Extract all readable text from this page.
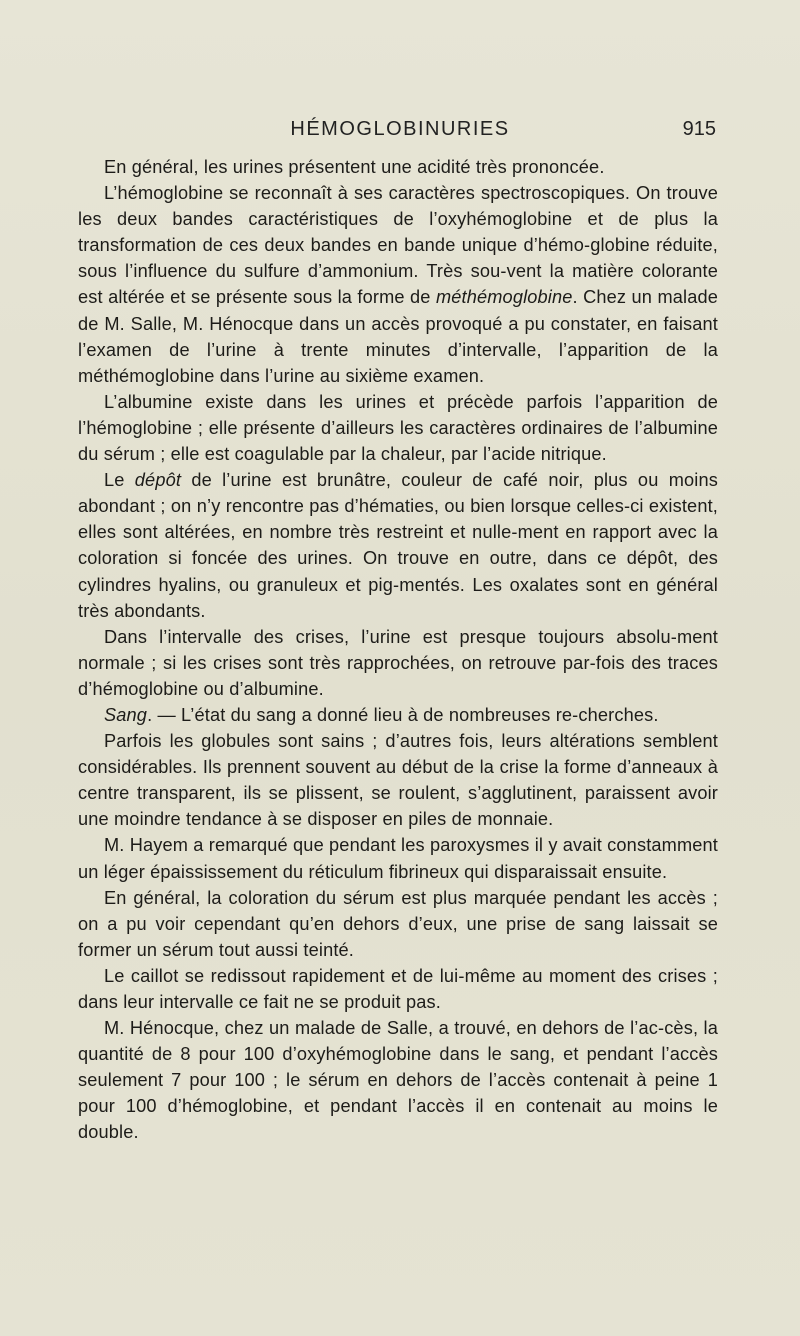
HÉMOGLOBINURIES	915

En général, les urines présentent une acidité très prononcée.

L’hémoglobine se reconnaît à ses caractères spectroscopiques. On trouve les deux bandes caractéristiques de l’oxyhémoglobine et de plus la transformation de ces deux bandes en bande unique d’hémo-globine réduite, sous l’influence du sulfure d’ammonium. Très sou-vent la matière colorante est altérée et se présente sous la forme de méthémoglobine. Chez un malade de M. Salle, M. Hénocque dans un accès provoqué a pu constater, en faisant l’examen de l’urine à trente minutes d’intervalle, l’apparition de la méthémoglobine dans l’urine au sixième examen.

L’albumine existe dans les urines et précède parfois l’apparition de l’hémoglobine ; elle présente d’ailleurs les caractères ordinaires de l’albumine du sérum ; elle est coagulable par la chaleur, par l’acide nitrique.

Le dépôt de l’urine est brunâtre, couleur de café noir, plus ou moins abondant ; on n’y rencontre pas d’hématies, ou bien lorsque celles-ci existent, elles sont altérées, en nombre très restreint et nulle-ment en rapport avec la coloration si foncée des urines. On trouve en outre, dans ce dépôt, des cylindres hyalins, ou granuleux et pig-mentés. Les oxalates sont en général très abondants.

Dans l’intervalle des crises, l’urine est presque toujours absolu-ment normale ; si les crises sont très rapprochées, on retrouve par-fois des traces d’hémoglobine ou d’albumine.

Sang. — L’état du sang a donné lieu à de nombreuses re-cherches.

Parfois les globules sont sains ; d’autres fois, leurs altérations semblent considérables. Ils prennent souvent au début de la crise la forme d’anneaux à centre transparent, ils se plissent, se roulent, s’agglutinent, paraissent avoir une moindre tendance à se disposer en piles de monnaie.

M. Hayem a remarqué que pendant les paroxysmes il y avait constamment un léger épaississement du réticulum fibrineux qui disparaissait ensuite.

En général, la coloration du sérum est plus marquée pendant les accès ; on a pu voir cependant qu’en dehors d’eux, une prise de sang laissait se former un sérum tout aussi teinté.

Le caillot se redissout rapidement et de lui-même au moment des crises ; dans leur intervalle ce fait ne se produit pas.

M. Hénocque, chez un malade de Salle, a trouvé, en dehors de l’ac-cès, la quantité de 8 pour 100 d’oxyhémoglobine dans le sang, et pendant l’accès seulement 7 pour 100 ; le sérum en dehors de l’accès contenait à peine 1 pour 100 d’hémoglobine, et pendant l’accès il en contenait au moins le double.
